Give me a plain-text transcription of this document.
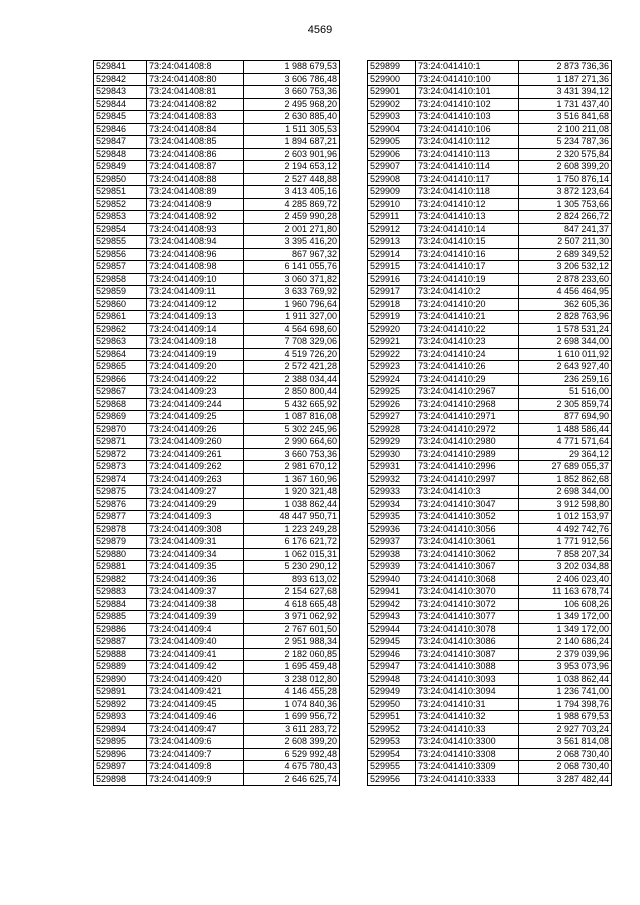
4569
529841	73:24:041408:8	1 988 679,53
529842	73:24:041408:80	3 606 786,48
529843	73:24:041408:81	3 660 753,36
529844	73:24:041408:82	2 495 968,20
529845	73:24:041408:83	2 630 885,40
529846	73:24:041408:84	1 511 305,53
529847	73:24:041408:85	1 894 687,21
529848	73:24:041408:86	2 603 901,96
529849	73:24:041408:87	2 194 653,12
529850	73:24:041408:88	2 527 448,88
529851	73:24:041408:89	3 413 405,16
529852	73:24:041408:9	4 285 869,72
529853	73:24:041408:92	2 459 990,28
529854	73:24:041408:93	2 001 271,80
529855	73:24:041408:94	3 395 416,20
529856	73:24:041408:96	867 967,32
529857	73:24:041408:98	6 141 055,76
529858	73:24:041409:10	3 060 371,82
529859	73:24:041409:11	3 633 769,92
529860	73:24:041409:12	1 960 796,64
529861	73:24:041409:13	1 911 327,00
529862	73:24:041409:14	4 564 698,60
529863	73:24:041409:18	7 708 329,06
529864	73:24:041409:19	4 519 726,20
529865	73:24:041409:20	2 572 421,28
529866	73:24:041409:22	2 388 034,44
529867	73:24:041409:23	2 850 800,44
529868	73:24:041409:244	5 432 665,92
529869	73:24:041409:25	1 087 816,08
529870	73:24:041409:26	5 302 245,96
529871	73:24:041409:260	2 990 664,60
529872	73:24:041409:261	3 660 753,36
529873	73:24:041409:262	2 981 670,12
529874	73:24:041409:263	1 367 160,96
529875	73:24:041409:27	1 920 321,48
529876	73:24:041409:29	1 038 862,44
529877	73:24:041409:3	48 447 950,71
529878	73:24:041409:308	1 223 249,28
529879	73:24:041409:31	6 176 621,72
529880	73:24:041409:34	1 062 015,31
529881	73:24:041409:35	5 230 290,12
529882	73:24:041409:36	893 613,02
529883	73:24:041409:37	2 154 627,68
529884	73:24:041409:38	4 618 665,48
529885	73:24:041409:39	3 971 062,92
529886	73:24:041409:4	2 767 601,50
529887	73:24:041409:40	2 951 988,34
529888	73:24:041409:41	2 182 060,85
529889	73:24:041409:42	1 695 459,48
529890	73:24:041409:420	3 238 012,80
529891	73:24:041409:421	4 146 455,28
529892	73:24:041409:45	1 074 840,36
529893	73:24:041409:46	1 699 956,72
529894	73:24:041409:47	3 611 283,72
529895	73:24:041409:6	2 608 399,20
529896	73:24:041409:7	6 529 992,48
529897	73:24:041409:8	4 675 780,43
529898	73:24:041409:9	2 646 625,74
529899	73:24:041410:1	2 873 736,36
529900	73:24:041410:100	1 187 271,36
529901	73:24:041410:101	3 431 394,12
529902	73:24:041410:102	1 731 437,40
529903	73:24:041410:103	3 516 841,68
529904	73:24:041410:106	2 100 211,08
529905	73:24:041410:112	5 234 787,36
529906	73:24:041410:113	2 320 575,84
529907	73:24:041410:114	2 608 399,20
529908	73:24:041410:117	1 750 876,14
529909	73:24:041410:118	3 872 123,64
529910	73:24:041410:12	1 305 753,66
529911	73:24:041410:13	2 824 266,72
529912	73:24:041410:14	847 241,37
529913	73:24:041410:15	2 507 211,30
529914	73:24:041410:16	2 689 349,52
529915	73:24:041410:17	3 206 532,12
529916	73:24:041410:19	2 878 233,60
529917	73:24:041410:2	4 456 464,95
529918	73:24:041410:20	362 605,36
529919	73:24:041410:21	2 828 763,96
529920	73:24:041410:22	1 578 531,24
529921	73:24:041410:23	2 698 344,00
529922	73:24:041410:24	1 610 011,92
529923	73:24:041410:26	2 643 927,40
529924	73:24:041410:29	236 259,16
529925	73:24:041410:2967	51 516,00
529926	73:24:041410:2968	2 305 859,74
529927	73:24:041410:2971	877 694,90
529928	73:24:041410:2972	1 488 586,44
529929	73:24:041410:2980	4 771 571,64
529930	73:24:041410:2989	29 364,12
529931	73:24:041410:2996	27 689 055,37
529932	73:24:041410:2997	1 852 862,68
529933	73:24:041410:3	2 698 344,00
529934	73:24:041410:3047	3 912 598,80
529935	73:24:041410:3052	1 012 153,97
529936	73:24:041410:3056	4 492 742,76
529937	73:24:041410:3061	1 771 912,56
529938	73:24:041410:3062	7 858 207,34
529939	73:24:041410:3067	3 202 034,88
529940	73:24:041410:3068	2 406 023,40
529941	73:24:041410:3070	11 163 678,74
529942	73:24:041410:3072	106 608,26
529943	73:24:041410:3077	1 349 172,00
529944	73:24:041410:3078	1 349 172,00
529945	73:24:041410:3086	2 140 686,24
529946	73:24:041410:3087	2 379 039,96
529947	73:24:041410:3088	3 953 073,96
529948	73:24:041410:3093	1 038 862,44
529949	73:24:041410:3094	1 236 741,00
529950	73:24:041410:31	1 794 398,76
529951	73:24:041410:32	1 988 679,53
529952	73:24:041410:33	2 927 703,24
529953	73:24:041410:3300	3 561 814,08
529954	73:24:041410:3308	2 068 730,40
529955	73:24:041410:3309	2 068 730,40
529956	73:24:041410:3333	3 287 482,44
